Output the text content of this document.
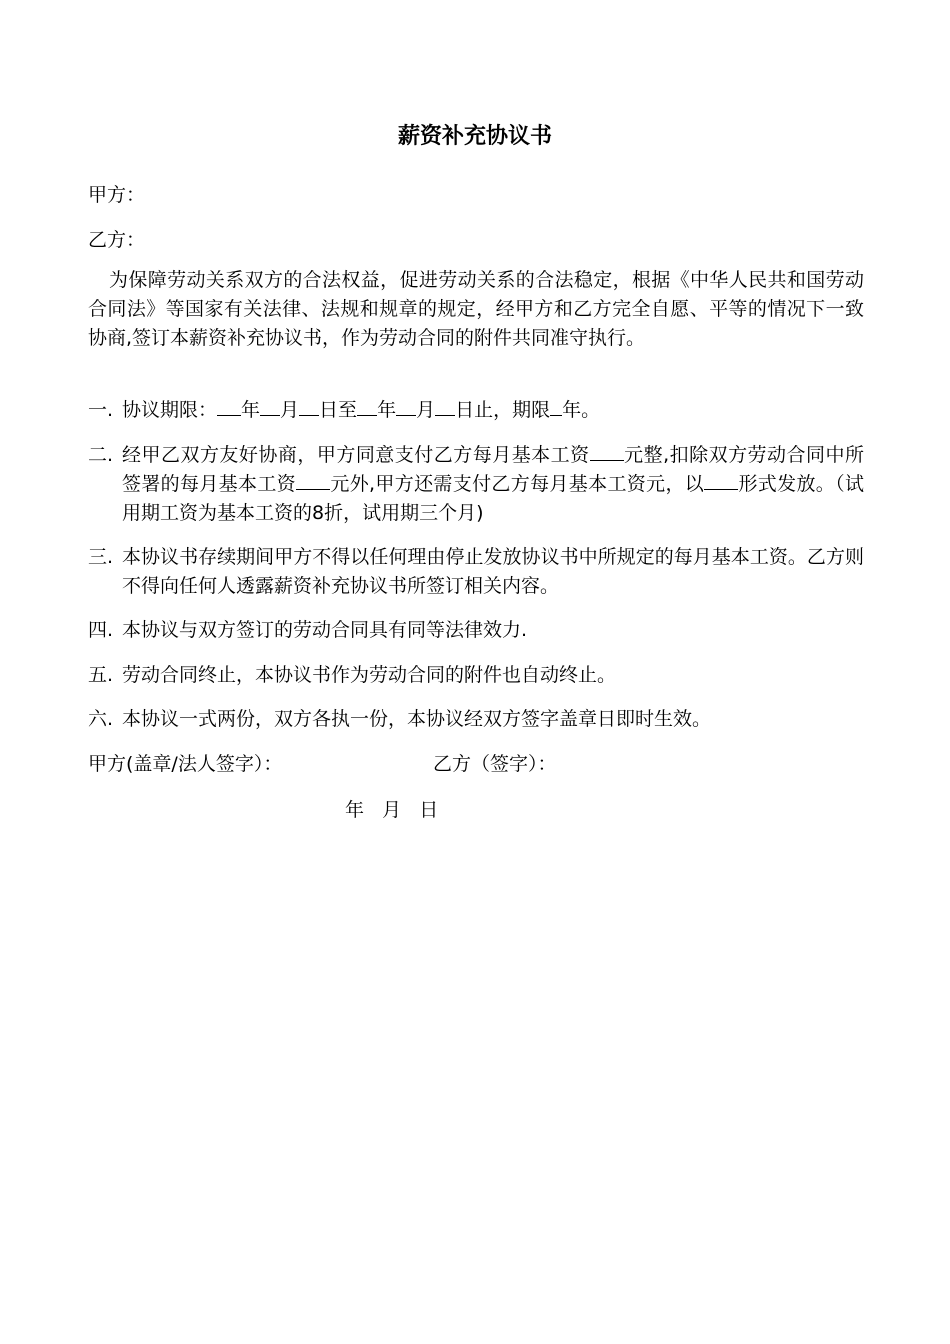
薪资补充协议书
甲方：
乙方：
为保障劳动关系双方的合法权益，促进劳动关系的合法稳定，根据《中华人民共和国劳动合同法》等国家有关法律、法规和规章的规定，经甲方和乙方完全自愿、平等的情况下一致协商,签订本薪资补充协议书，作为劳动合同的附件共同准守执行。
一. 协议期限： 年 月 日至 年 月 日止，期限 年。
二. 经甲乙双方友好协商，甲方同意支付乙方每月基本工资 元整,扣除双方劳动合同中所签署的每月基本工资 元外,甲方还需支付乙方每月基本工资元，以 形式发放。（试用期工资为基本工资的8折，试用期三个月)
三. 本协议书存续期间甲方不得以任何理由停止发放协议书中所规定的每月基本工资。乙方则不得向任何人透露薪资补充协议书所签订相关内容。
四. 本协议与双方签订的劳动合同具有同等法律效力.
五. 劳动合同终止，本协议书作为劳动合同的附件也自动终止。
六. 本协议一式两份，双方各执一份，本协议经双方签字盖章日即时生效。
甲方(盖章/法人签字）：	乙方（签字）：
年   月   日
